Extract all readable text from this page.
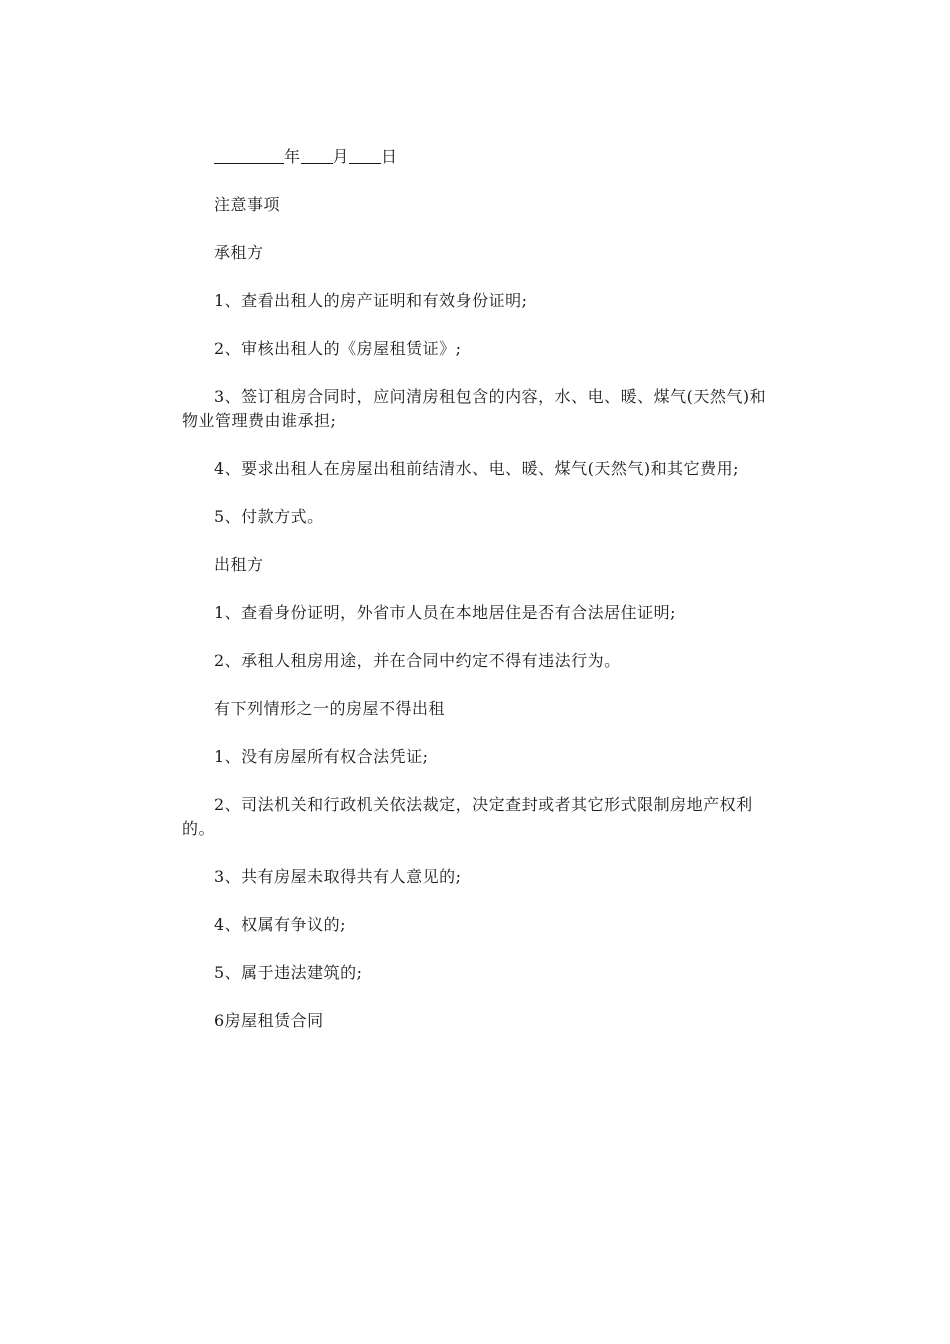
年 月 日

注意事项

承租方

1、查看出租人的房产证明和有效身份证明;

2、审核出租人的《房屋租赁证》;

3、签订租房合同时，应问清房租包含的内容，水、电、暖、煤气(天然气)和物业管理费由谁承担;

4、要求出租人在房屋出租前结清水、电、暖、煤气(天然气)和其它费用;

5、付款方式。

出租方

1、查看身份证明，外省市人员在本地居住是否有合法居住证明;

2、承租人租房用途，并在合同中约定不得有违法行为。

有下列情形之一的房屋不得出租

1、没有房屋所有权合法凭证;

2、司法机关和行政机关依法裁定，决定查封或者其它形式限制房地产权利的。

3、共有房屋未取得共有人意见的;

4、权属有争议的;

5、属于违法建筑的;

6房屋租赁合同
